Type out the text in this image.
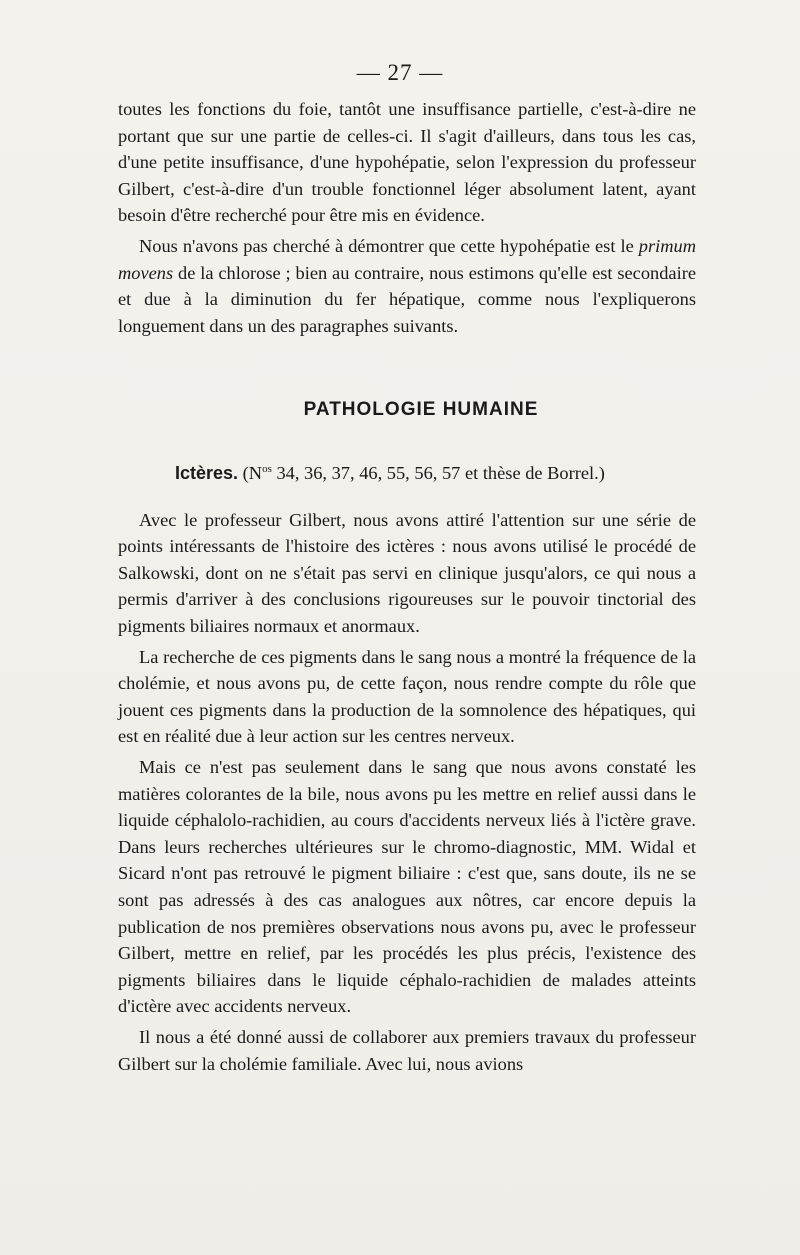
— 27 —

toutes les fonctions du foie, tantôt une insuffisance partielle, c'est-à-dire ne portant que sur une partie de celles-ci. Il s'agit d'ailleurs, dans tous les cas, d'une petite insuffisance, d'une hypohépatie, selon l'expression du professeur Gilbert, c'est-à-dire d'un trouble fonctionnel léger absolument latent, ayant besoin d'être recherché pour être mis en évidence.

Nous n'avons pas cherché à démontrer que cette hypohépatie est le primum movens de la chlorose ; bien au contraire, nous estimons qu'elle est secondaire et due à la diminution du fer hépatique, comme nous l'expliquerons longuement dans un des paragraphes suivants.

PATHOLOGIE HUMAINE

Ictères. ($N^{os}$ 34, 36, 37, 46, 55, 56, 57 et thèse de Borrel.)

Avec le professeur Gilbert, nous avons attiré l'attention sur une série de points intéressants de l'histoire des ictères : nous avons utilisé le procédé de Salkowski, dont on ne s'était pas servi en clinique jusqu'alors, ce qui nous a permis d'arriver à des conclusions rigoureuses sur le pouvoir tinctorial des pigments biliaires normaux et anormaux.

La recherche de ces pigments dans le sang nous a montré la fréquence de la cholémie, et nous avons pu, de cette façon, nous rendre compte du rôle que jouent ces pigments dans la production de la somnolence des hépatiques, qui est en réalité due à leur action sur les centres nerveux.

Mais ce n'est pas seulement dans le sang que nous avons constaté les matières colorantes de la bile, nous avons pu les mettre en relief aussi dans le liquide céphalolo-rachidien, au cours d'accidents nerveux liés à l'ictère grave. Dans leurs recherches ultérieures sur le chromo-diagnostic, MM. Widal et Sicard n'ont pas retrouvé le pigment biliaire : c'est que, sans doute, ils ne se sont pas adressés à des cas analogues aux nôtres, car encore depuis la publication de nos premières observations nous avons pu, avec le professeur Gilbert, mettre en relief, par les procédés les plus précis, l'existence des pigments biliaires dans le liquide céphalo-rachidien de malades atteints d'ictère avec accidents nerveux.

Il nous a été donné aussi de collaborer aux premiers travaux du professeur Gilbert sur la cholémie familiale. Avec lui, nous avions
